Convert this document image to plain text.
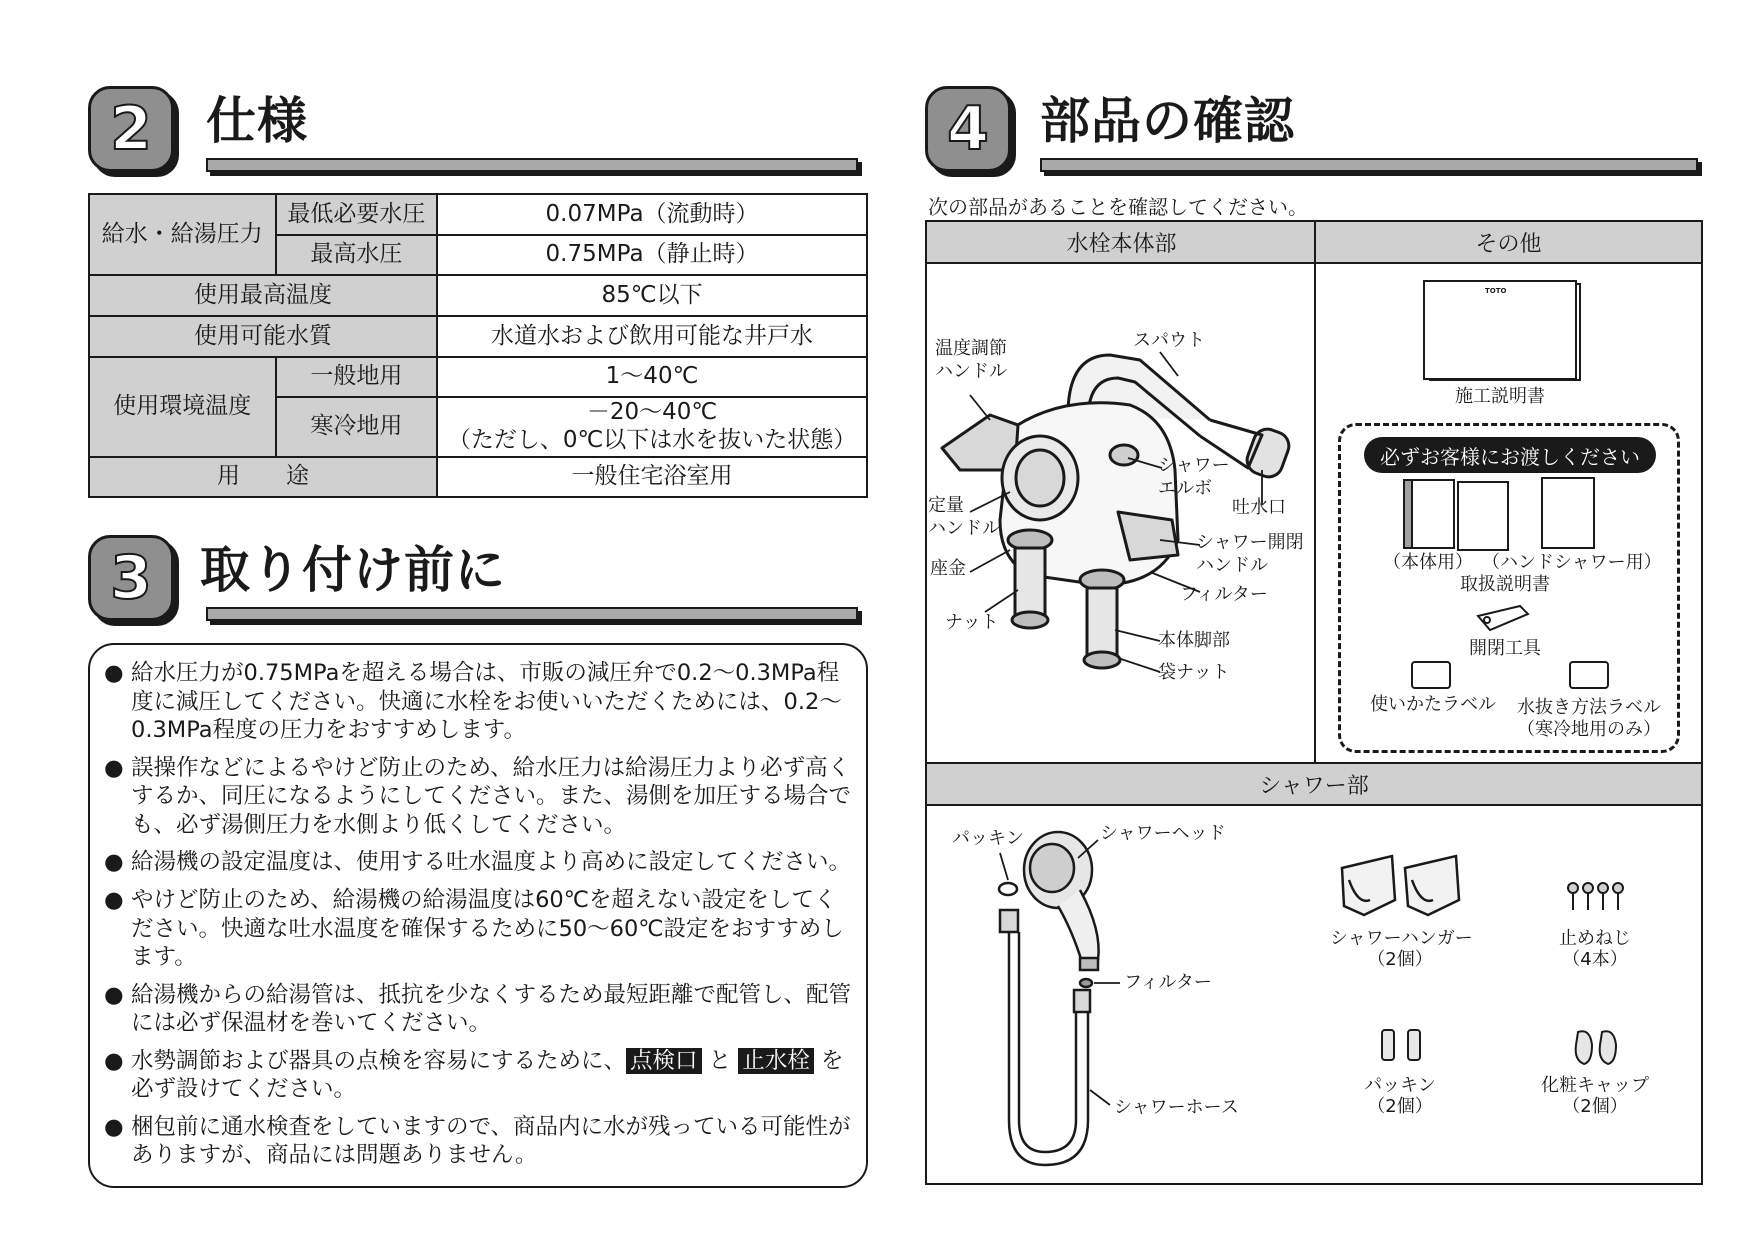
2 仕様
給水・給湯圧力	最低必要水圧	0.07MPa（流動時）
	最高水圧	0.75MPa（静止時）
使用最高温度		85℃以下
使用可能水質		水道水および飲用可能な井戸水
使用環境温度	一般地用	1～40℃
	寒冷地用	－20～40℃
（ただし、0℃以下は水を抜いた状態）

用　　途		一般住宅浴室用
3 取り付け前に
● 給水圧力が0.75MPaを超える場合は、市販の減圧弁で0.2～0.3MPa程度に減圧してください。快適に水栓をお使いいただくためには、0.2～0.3MPa程度の圧力をおすすめします。
● 誤操作などによるやけど防止のため、給水圧力は給湯圧力より必ず高くするか、同圧になるようにしてください。また、湯側を加圧する場合でも、必ず湯側圧力を水側より低くしてください。
● 給湯機の設定温度は、使用する吐水温度より高めに設定してください。
● やけど防止のため、給湯機の給湯温度は60℃を超えない設定をしてください。快適な吐水温度を確保するために50～60℃設定をおすすめします。
● 給湯機からの給湯管は、抵抗を少なくするため最短距離で配管し、配管には必ず保温材を巻いてください。
● 水勢調節および器具の点検を容易にするために、 点検口 と 止水栓 を必ず設けてください。
● 梱包前に通水検査をしていますので、商品内に水が残っている可能性がありますが、商品には問題ありません。
4 部品の確認
次の部品があることを確認してください。
水栓本体部	その他
シャワー部
温度調節
ハンドル
スパウト
シャワー
エルボ
吐水口
定量
ハンドル
シャワー開閉
ハンドル
座金
フィルター
ナット
本体脚部
袋ナット
TOTO
施工説明書
必ずお客様にお渡しください
（本体用） （ハンドシャワー用）
取扱説明書
開閉工具
使いかたラベル	水抜き方法ラベル
（寒冷地用のみ）
パッキン	シャワーヘッド
フィルター
シャワーホース
シャワーハンガー
（2個）
止めねじ
（4本）
パッキン
（2個）
化粧キャップ
（2個）
